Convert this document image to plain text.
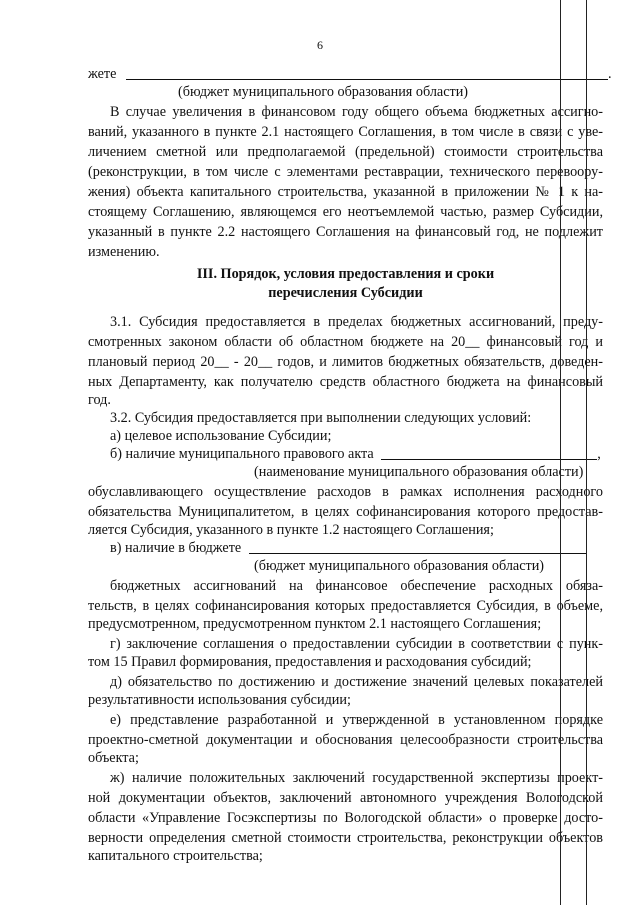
6
жете	.
(бюджет муниципального образования области)
В случае увеличения в финансовом году общего объема бюджетных ассигно-
ваний, указанного в пункте 2.1 настоящего Соглашения, в том числе в связи с уве-
личением сметной или предполагаемой (предельной) стоимости строительства
(реконструкции, в том числе с элементами реставрации, технического перевоору-
жения) объекта капитального строительства, указанной в приложении № 1 к на-
стоящему Соглашению, являющемся его неотъемлемой частью, размер Субсидии,
указанный в пункте 2.2 настоящего Соглашения на финансовый год, не подлежит
изменению.
III. Порядок, условия предоставления и сроки
перечисления Субсидии
3.1. Субсидия предоставляется в пределах бюджетных ассигнований, преду-
смотренных законом области об областном бюджете на 20__ финансовый год и
плановый период 20__ - 20__ годов, и лимитов бюджетных обязательств, доведен-
ных Департаменту, как получателю средств областного бюджета на финансовый
год.
3.2. Субсидия предоставляется при выполнении следующих условий:
а) целевое использование Субсидии;
б) наличие муниципального правового акта	,
(наименование муниципального образования области)
обуславливающего осуществление расходов в рамках исполнения расходного
обязательства Муниципалитетом, в целях софинансирования которого предостав-
ляется Субсидия, указанного в пункте 1.2 настоящего Соглашения;
в) наличие в бюджете
(бюджет муниципального образования области)
бюджетных ассигнований на финансовое обеспечение расходных обяза-
тельств, в целях софинансирования которых предоставляется Субсидия, в объеме,
предусмотренном, предусмотренном пунктом 2.1 настоящего Соглашения;
г) заключение соглашения о предоставлении субсидии в соответствии с пунк-
том 15 Правил формирования, предоставления и расходования субсидий;
д) обязательство по достижению и достижение значений целевых показателей
результативности использования субсидии;
е) представление разработанной и утвержденной в установленном порядке
проектно-сметной документации и обоснования целесообразности строительства
объекта;
ж) наличие положительных заключений государственной экспертизы проект-
ной документации объектов, заключений автономного учреждения Вологодской
области «Управление Госэкспертизы по Вологодской области» о проверке досто-
верности определения сметной стоимости строительства, реконструкции объектов
капитального строительства;
